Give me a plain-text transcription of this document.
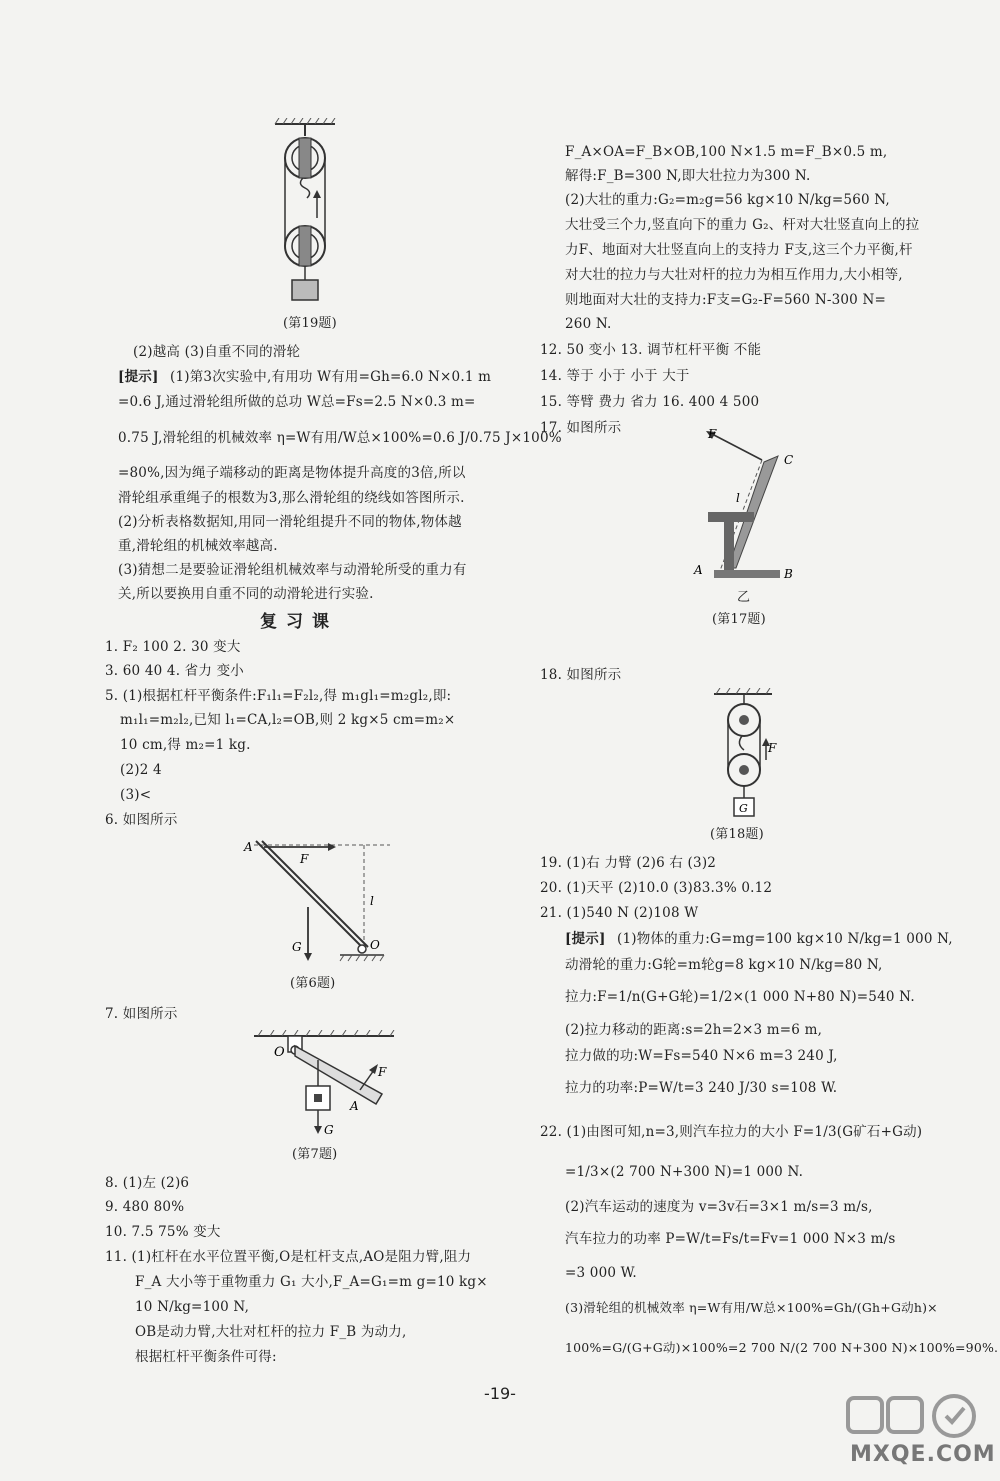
(第19题)
(2)越高 (3)自重不同的滑轮
[提示] (1)第3次实验中,有用功 W有用=Gh=6.0 N×0.1 m
=0.6 J,通过滑轮组所做的总功 W总=Fs=2.5 N×0.3 m=
0.75 J,滑轮组的机械效率 η=W有用/W总×100%=0.6 J/0.75 J×100%
=80%,因为绳子端移动的距离是物体提升高度的3倍,所以
滑轮组承重绳子的根数为3,那么滑轮组的绕线如答图所示.
(2)分析表格数据知,用同一滑轮组提升不同的物体,物体越
重,滑轮组的机械效率越高.
(3)猜想二是要验证滑轮组机械效率与动滑轮所受的重力有
关,所以要换用自重不同的动滑轮进行实验.
复习课
1. F₂ 100 2. 30 变大
3. 60 40 4. 省力 变小
5. (1)根据杠杆平衡条件:F₁l₁=F₂l₂,得 m₁gl₁=m₂gl₂,即:
m₁l₁=m₂l₂,已知 l₁=CA,l₂=OB,则 2 kg×5 cm=m₂×
10 cm,得 m₂=1 kg.
(2)2 4
(3)<
6. 如图所示
A
F
G	O
l
(第6题)
7. 如图所示
O
A
F
G
(第7题)
8. (1)左 (2)6
9. 480 80%
10. 7.5 75% 变大
11. (1)杠杆在水平位置平衡,O是杠杆支点,AO是阻力臂,阻力
F_A 大小等于重物重力 G₁ 大小,F_A=G₁=m g=10 kg×
10 N/kg=100 N,
OB是动力臂,大壮对杠杆的拉力 F_B 为动力,
根据杠杆平衡条件可得:
F_A×OA=F_B×OB,100 N×1.5 m=F_B×0.5 m,
解得:F_B=300 N,即大壮拉力为300 N.
(2)大壮的重力:G₂=m₂g=56 kg×10 N/kg=560 N,
大壮受三个力,竖直向下的重力 G₂、杆对大壮竖直向上的拉
力F、地面对大壮竖直向上的支持力 F支,这三个力平衡,杆
对大壮的拉力与大壮对杆的拉力为相互作用力,大小相等,
则地面对大壮的支持力:F支=G₂-F=560 N-300 N=
260 N.
12. 50 变小 13. 调节杠杆平衡 不能
14. 等于 小于 小于 大于
15. 等臂 费力 省力 16. 400 4 500
17. 如图所示	F
C
l
A	B
乙
(第17题)
18. 如图所示
F
G
(第18题)
19. (1)右 力臂 (2)6 右 (3)2
20. (1)天平 (2)10.0 (3)83.3% 0.12
21. (1)540 N (2)108 W
[提示] (1)物体的重力:G=mg=100 kg×10 N/kg=1 000 N,
动滑轮的重力:G轮=m轮g=8 kg×10 N/kg=80 N,
拉力:F=1/n(G+G轮)=1/2×(1 000 N+80 N)=540 N.
(2)拉力移动的距离:s=2h=2×3 m=6 m,
拉力做的功:W=Fs=540 N×6 m=3 240 J,
拉力的功率:P=W/t=3 240 J/30 s=108 W.
22. (1)由图可知,n=3,则汽车拉力的大小 F=1/3(G矿石+G动)
=1/3×(2 700 N+300 N)=1 000 N.
(2)汽车运动的速度为 v=3v石=3×1 m/s=3 m/s,
汽车拉力的功率 P=W/t=Fs/t=Fv=1 000 N×3 m/s
=3 000 W.
(3)滑轮组的机械效率 η=W有用/W总×100%=Gh/(Gh+G动h)×
100%=G/(G+G动)×100%=2 700 N/(2 700 N+300 N)×100%=90%.
-19-
MXQE.COM
